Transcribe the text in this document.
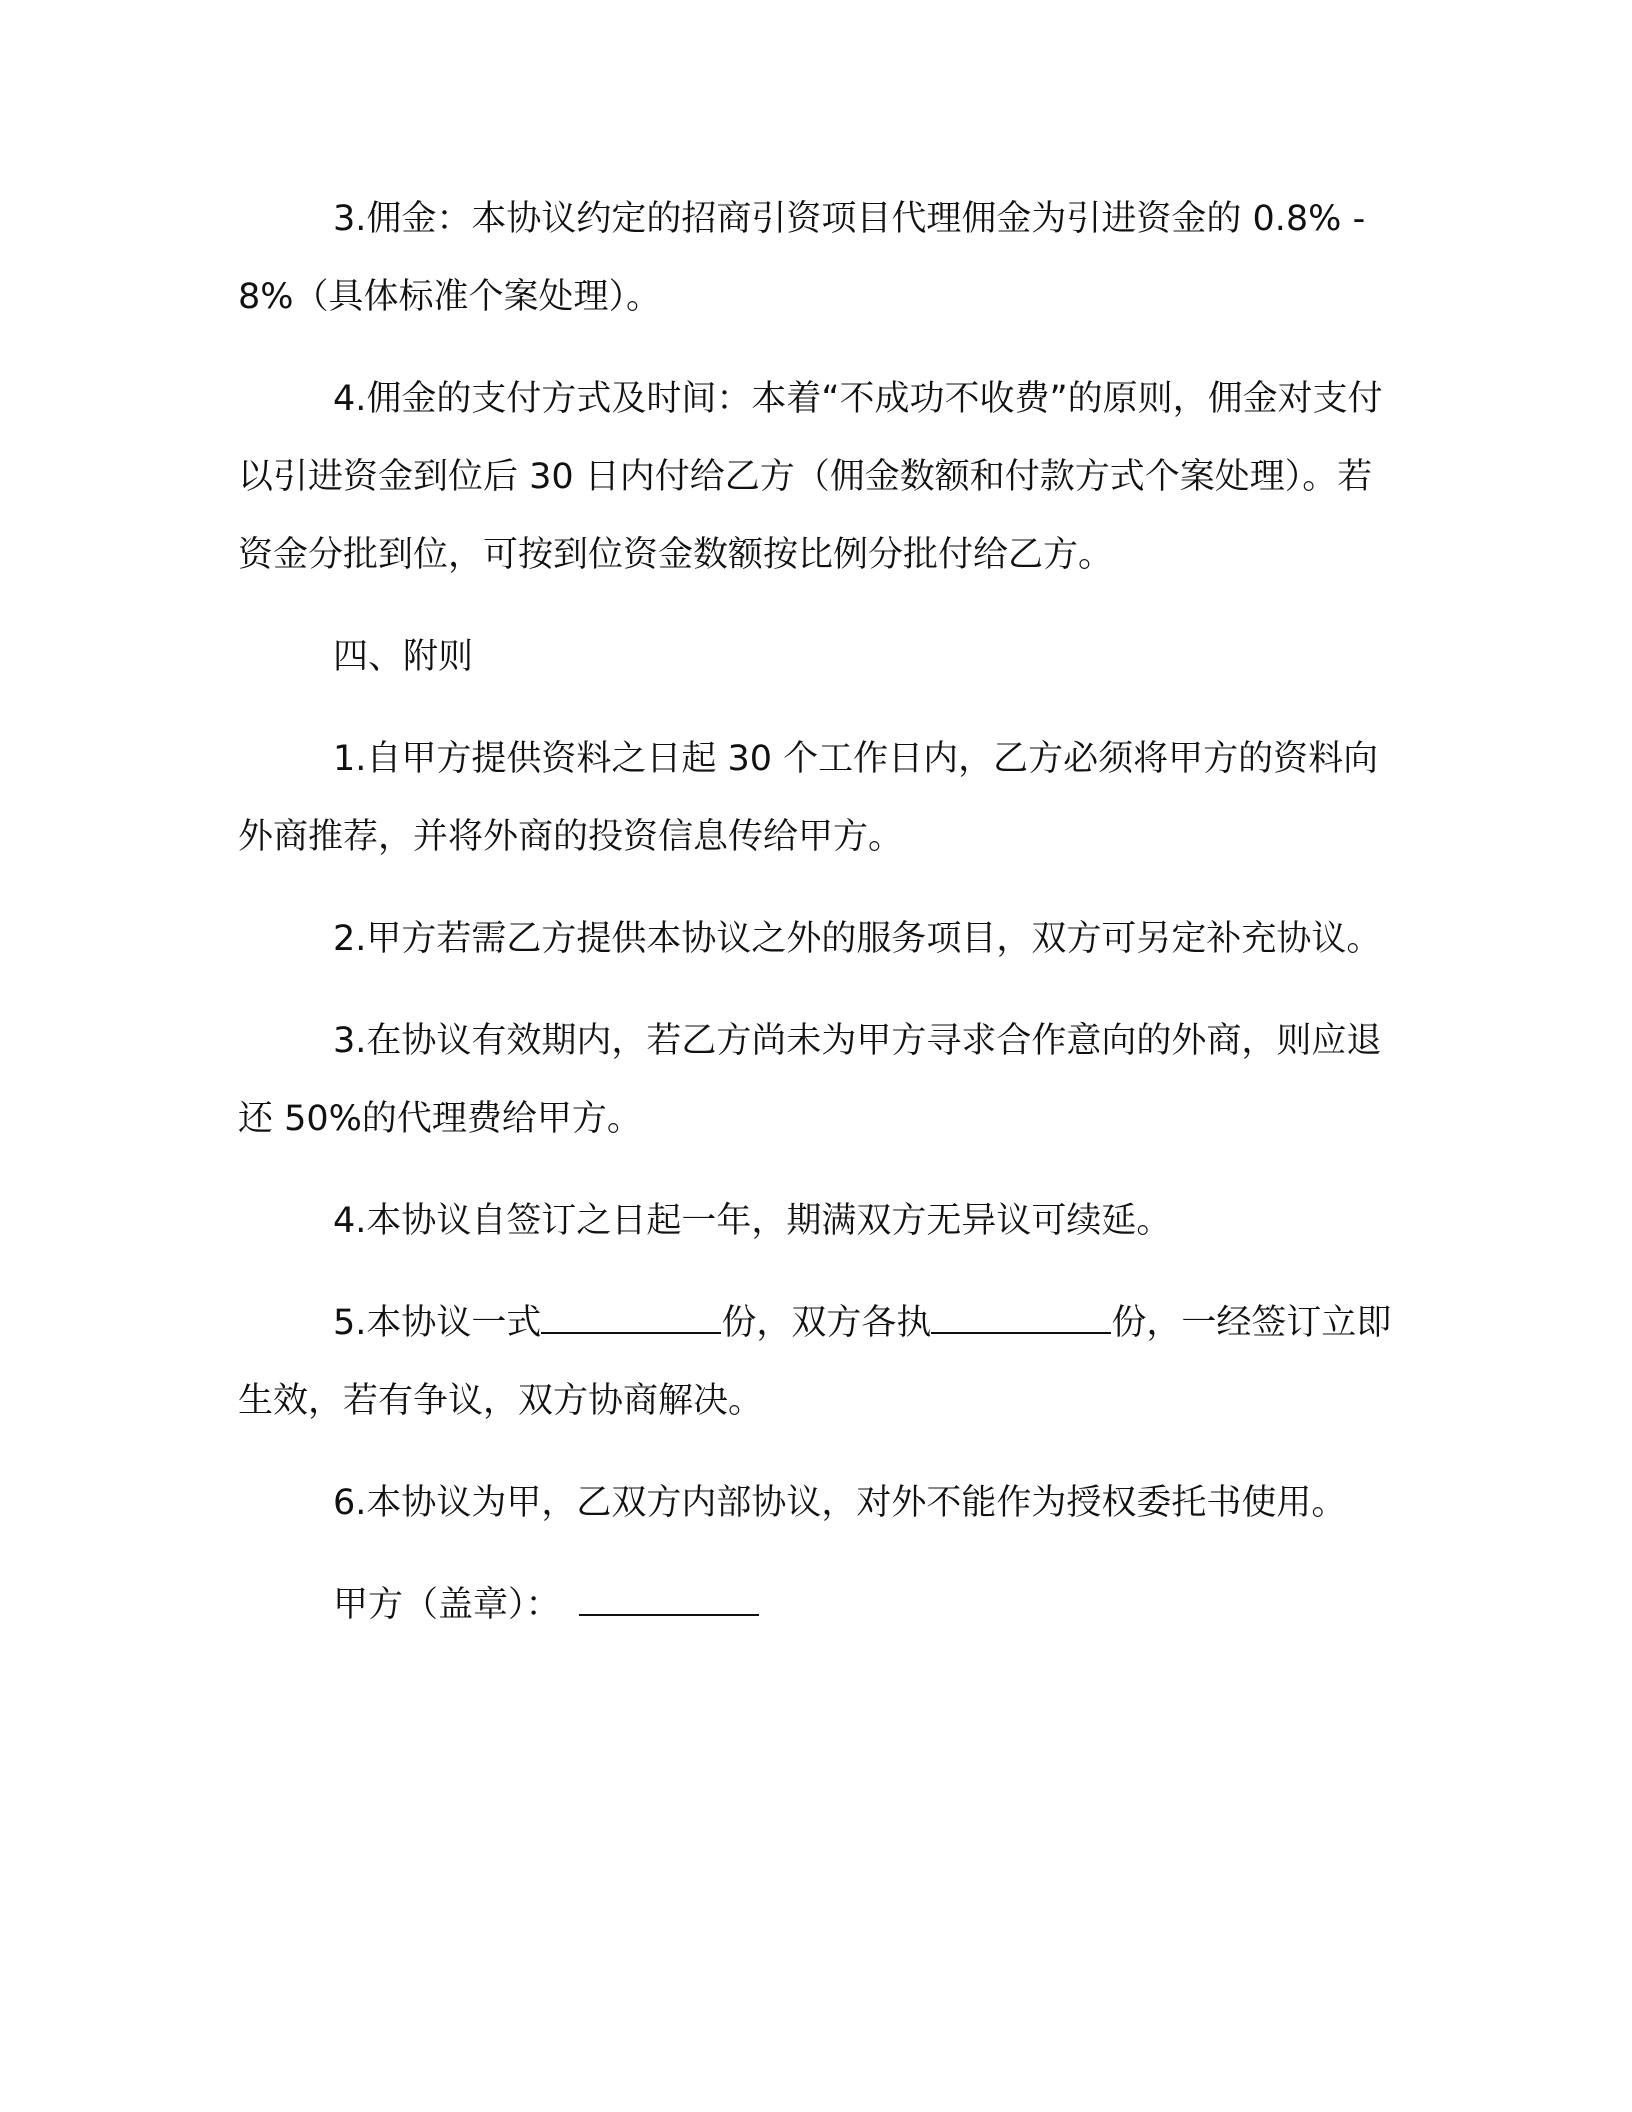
3.佣金：本协议约定的招商引资项目代理佣金为引进资金的 0.8% -8%（具体标准个案处理）。

4.佣金的支付方式及时间：本着“不成功不收费”的原则，佣金对支付以引进资金到位后 30 日内付给乙方（佣金数额和付款方式个案处理）。若资金分批到位，可按到位资金数额按比例分批付给乙方。

四、附则

1.自甲方提供资料之日起 30 个工作日内，乙方必须将甲方的资料向外商推荐，并将外商的投资信息传给甲方。

2.甲方若需乙方提供本协议之外的服务项目，双方可另定补充协议。

3.在协议有效期内，若乙方尚未为甲方寻求合作意向的外商，则应退还 50%的代理费给甲方。

4.本协议自签订之日起一年，期满双方无异议可续延。

5.本协议一式	份，双方各执	份，一经签订立即生效，若有争议，双方协商解决。

6.本协议为甲，乙双方内部协议，对外不能作为授权委托书使用。

甲方（盖章）：
